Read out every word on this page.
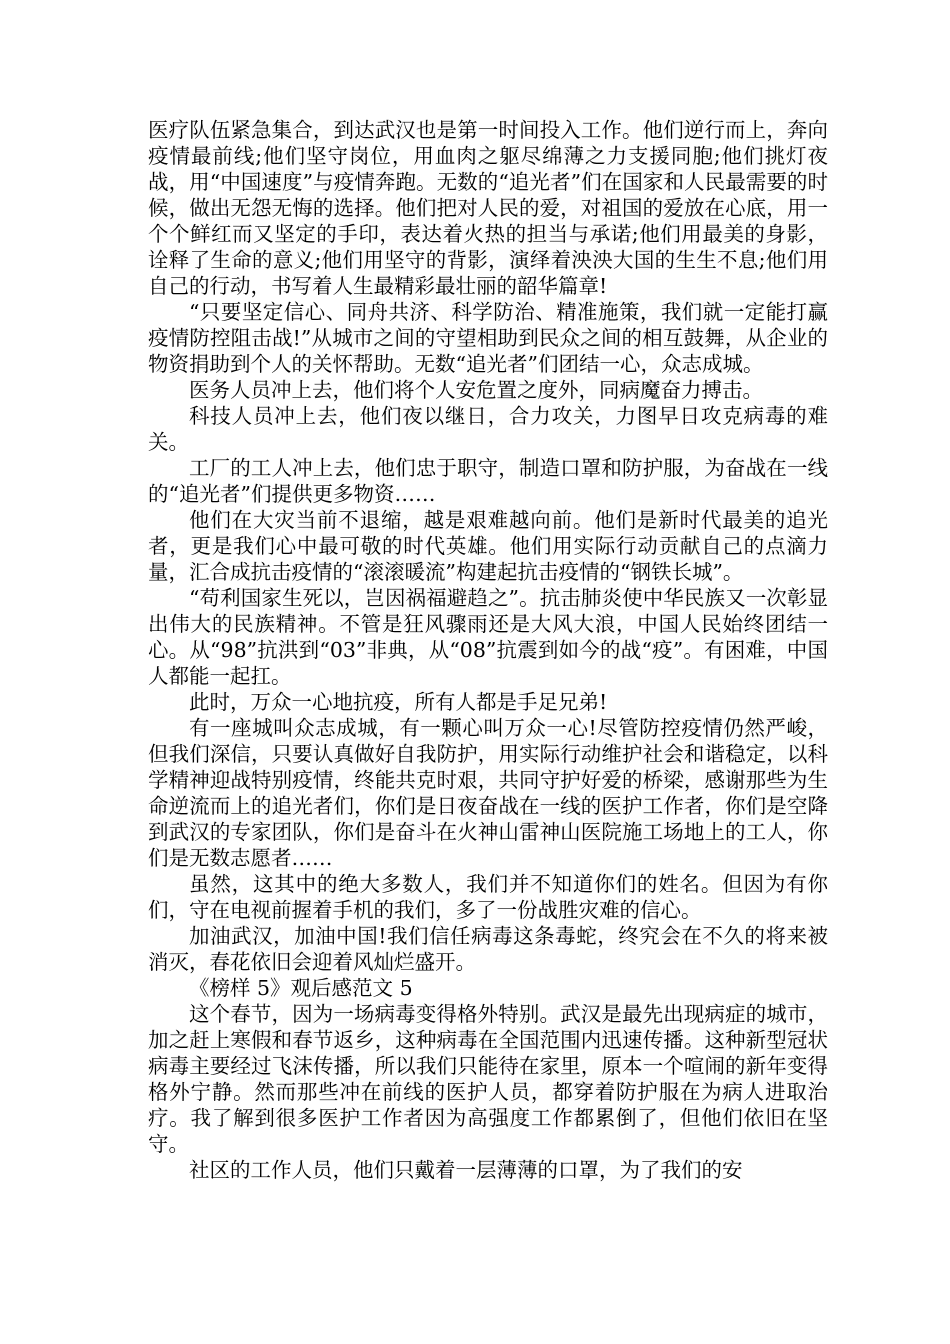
医疗队伍紧急集合，到达武汉也是第一时间投入工作。他们逆行而上，奔向疫情最前线;他们坚守岗位，用血肉之躯尽绵薄之力支援同胞;他们挑灯夜战，用“中国速度”与疫情奔跑。无数的“追光者”们在国家和人民最需要的时候，做出无怨无悔的选择。他们把对人民的爱，对祖国的爱放在心底，用一个个鲜红而又坚定的手印，表达着火热的担当与承诺;他们用最美的身影，诠释了生命的意义;他们用坚守的背影，演绎着泱泱大国的生生不息;他们用自己的行动，书写着人生最精彩最壮丽的韶华篇章!

“只要坚定信心、同舟共济、科学防治、精准施策，我们就一定能打赢疫情防控阻击战!”从城市之间的守望相助到民众之间的相互鼓舞，从企业的物资捐助到个人的关怀帮助。无数“追光者”们团结一心，众志成城。

医务人员冲上去，他们将个人安危置之度外，同病魔奋力搏击。

科技人员冲上去，他们夜以继日，合力攻关，力图早日攻克病毒的难关。

工厂的工人冲上去，他们忠于职守，制造口罩和防护服，为奋战在一线的“追光者”们提供更多物资……

他们在大灾当前不退缩，越是艰难越向前。他们是新时代最美的追光者，更是我们心中最可敬的时代英雄。他们用实际行动贡献自己的点滴力量，汇合成抗击疫情的“滚滚暖流”构建起抗击疫情的“钢铁长城”。

“苟利国家生死以，岂因祸福避趋之”。抗击肺炎使中华民族又一次彰显出伟大的民族精神。不管是狂风骤雨还是大风大浪，中国人民始终团结一心。从“98”抗洪到“03”非典，从“08”抗震到如今的战“疫”。有困难，中国人都能一起扛。

此时，万众一心地抗疫，所有人都是手足兄弟!

有一座城叫众志成城，有一颗心叫万众一心!尽管防控疫情仍然严峻，但我们深信，只要认真做好自我防护，用实际行动维护社会和谐稳定，以科学精神迎战特别疫情，终能共克时艰，共同守护好爱的桥梁，感谢那些为生命逆流而上的追光者们，你们是日夜奋战在一线的医护工作者，你们是空降到武汉的专家团队，你们是奋斗在火神山雷神山医院施工场地上的工人，你们是无数志愿者……

虽然，这其中的绝大多数人，我们并不知道你们的姓名。但因为有你们，守在电视前握着手机的我们，多了一份战胜灾难的信心。

加油武汉，加油中国!我们信任病毒这条毒蛇，终究会在不久的将来被消灭，春花依旧会迎着风灿烂盛开。

《榜样 5》观后感范文 5

这个春节，因为一场病毒变得格外特别。武汉是最先出现病症的城市，加之赶上寒假和春节返乡，这种病毒在全国范围内迅速传播。这种新型冠状病毒主要经过飞沫传播，所以我们只能待在家里，原本一个喧闹的新年变得格外宁静。然而那些冲在前线的医护人员，都穿着防护服在为病人进取治疗。我了解到很多医护工作者因为高强度工作都累倒了，但他们依旧在坚守。

社区的工作人员，他们只戴着一层薄薄的口罩，为了我们的安
